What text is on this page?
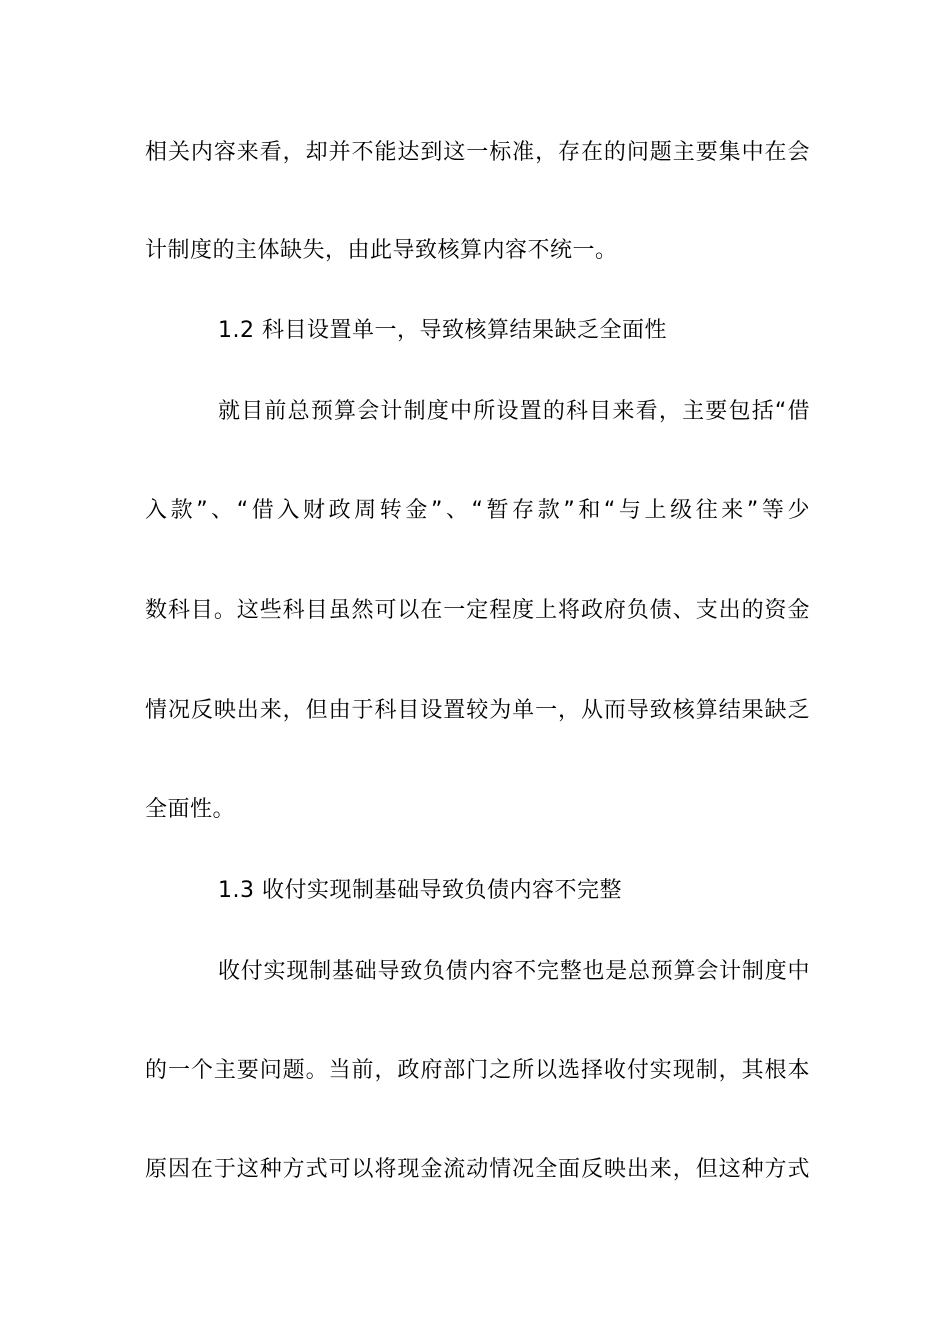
相关内容来看，却并不能达到这一标准，存在的问题主要集中在会
计制度的主体缺失，由此导致核算内容不统一。
1.2 科目设置单一，导致核算结果缺乏全面性
就目前总预算会计制度中所设置的科目来看，主要包括“借
入款”、“借入财政周转金”、“暂存款”和“与上级往来”等少
数科目。这些科目虽然可以在一定程度上将政府负债、支出的资金
情况反映出来，但由于科目设置较为单一，从而导致核算结果缺乏
全面性。
1.3 收付实现制基础导致负债内容不完整
收付实现制基础导致负债内容不完整也是总预算会计制度中
的一个主要问题。当前，政府部门之所以选择收付实现制，其根本
原因在于这种方式可以将现金流动情况全面反映出来，但这种方式
